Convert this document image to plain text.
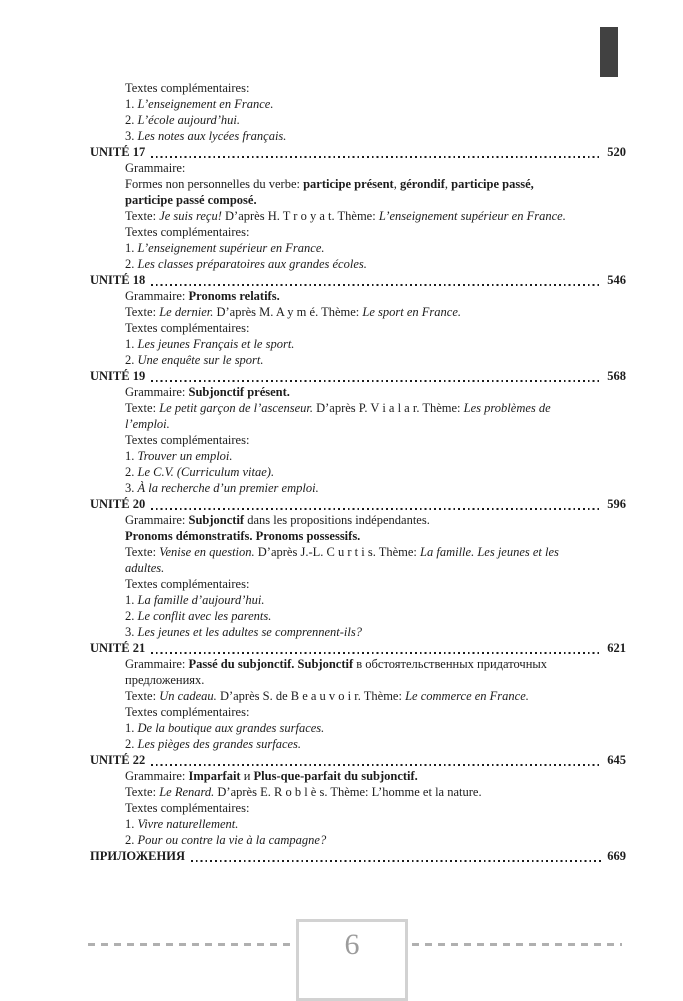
Textes complémentaires:
1. L’enseignement en France.
2. L’école aujourd’hui.
3. Les notes aux lycées français.
UNITÉ 17	520
Grammaire:
Formes non personnelles du verbe: participe présent, gérondif, participe passé,
participe passé composé.
Texte: Je suis reçu! D’après H. T r o y a t. Thème: L’enseignement supérieur en France.
Textes complémentaires:
1. L’enseignement supérieur en France.
2. Les classes préparatoires aux grandes écoles.
UNITÉ 18	546
Grammaire: Pronoms relatifs.
Texte: Le dernier. D’après M. A y m é. Thème: Le sport en France.
Textes complémentaires:
1. Les jeunes Français et le sport.
2. Une enquête sur le sport.
UNITÉ 19	568
Grammaire: Subjonctif présent.
Texte: Le petit garçon de l’ascenseur. D’après P. V i a l a r. Thème: Les problèmes de
l’emploi.
Textes complémentaires:
1. Trouver un emploi.
2. Le C.V. (Curriculum vitae).
3. À la recherche d’un premier emploi.
UNITÉ 20	596
Grammaire: Subjonctif dans les propositions indépendantes.
Pronoms démonstratifs. Pronoms possessifs.
Texte: Venise en question. D’après J.-L. C u r t i s. Thème: La famille. Les jeunes et les
adultes.
Textes complémentaires:
1. La famille d’aujourd’hui.
2. Le conflit avec les parents.
3. Les jeunes et les adultes se comprennent-ils?
UNITÉ 21	621
Grammaire: Passé du subjonctif. Subjonctif в обстоятельственных придаточных
предложениях.
Texte: Un cadeau. D’après S. de B e a u v o i r. Thème: Le commerce en France.
Textes complémentaires:
1. De la boutique aux grandes surfaces.
2. Les pièges des grandes surfaces.
UNITÉ 22	645
Grammaire: Imparfait и Plus-que-parfait du subjonctif.
Texte: Le Renard. D’après E. R o b l è s. Thème: L’homme et la nature.
Textes complémentaires:
1. Vivre naturellement.
2. Pour ou contre la vie à la campagne?
ПРИЛОЖЕНИЯ	669
6
